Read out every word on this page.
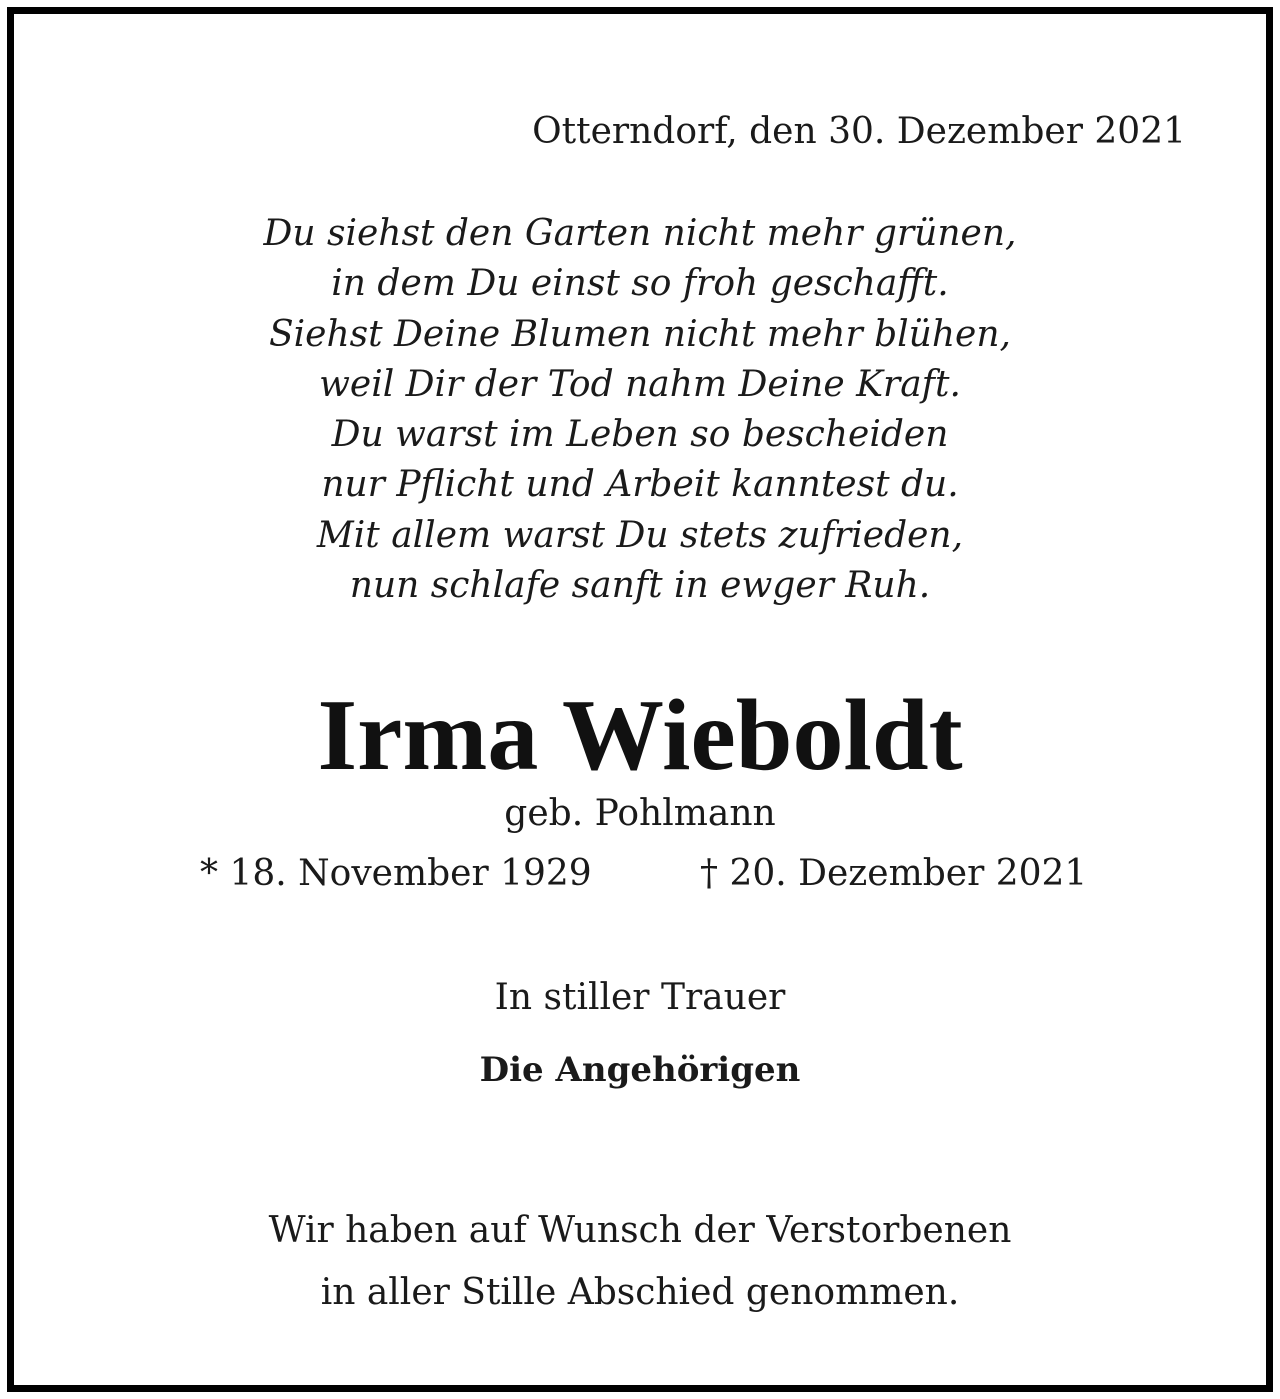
Otterndorf, den 30. Dezember 2021
Du siehst den Garten nicht mehr grünen,
in dem Du einst so froh geschafft.
Siehst Deine Blumen nicht mehr blühen,
weil Dir der Tod nahm Deine Kraft.
Du warst im Leben so bescheiden
nur Pflicht und Arbeit kanntest du.
Mit allem warst Du stets zufrieden,
nun schlafe sanft in ewger Ruh.
Irma Wieboldt
geb. Pohlmann
* 18. November 1929	† 20. Dezember 2021
In stiller Trauer
Die Angehörigen
Wir haben auf Wunsch der Verstorbenen
in aller Stille Abschied genommen.
